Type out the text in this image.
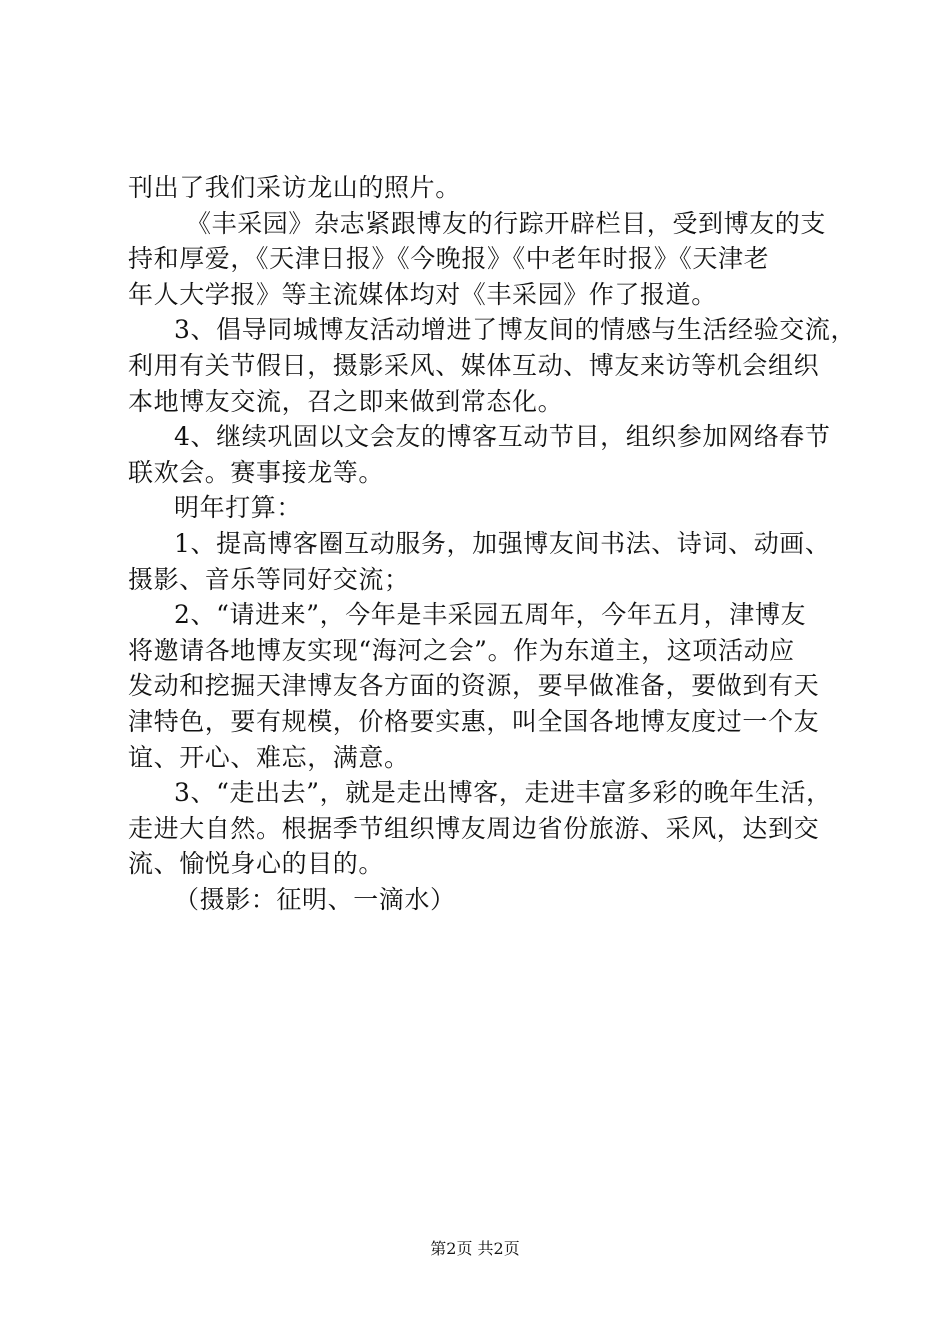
刊出了我们采访龙山的照片。
《丰采园》杂志紧跟博友的行踪开辟栏目，受到博友的支
持和厚爱，《天津日报》《今晚报》《中老年时报》《天津老
年人大学报》等主流媒体均对《丰采园》作了报道。
3、倡导同城博友活动增进了博友间的情感与生活经验交流，
利用有关节假日，摄影采风、媒体互动、博友来访等机会组织
本地博友交流，召之即来做到常态化。
4、继续巩固以文会友的博客互动节目，组织参加网络春节
联欢会。赛事接龙等。
明年打算：
1、提高博客圈互动服务，加强博友间书法、诗词、动画、
摄影、音乐等同好交流；
2、“请进来”，今年是丰采园五周年，今年五月，津博友
将邀请各地博友实现“海河之会”。作为东道主，这项活动应
发动和挖掘天津博友各方面的资源，要早做准备，要做到有天
津特色，要有规模，价格要实惠，叫全国各地博友度过一个友
谊、开心、难忘，满意。
3、“走出去”，就是走出博客，走进丰富多彩的晚年生活，
走进大自然。根据季节组织博友周边省份旅游、采风，达到交
流、愉悦身心的目的。
（摄影：征明、一滴水）
第2页 共2页
